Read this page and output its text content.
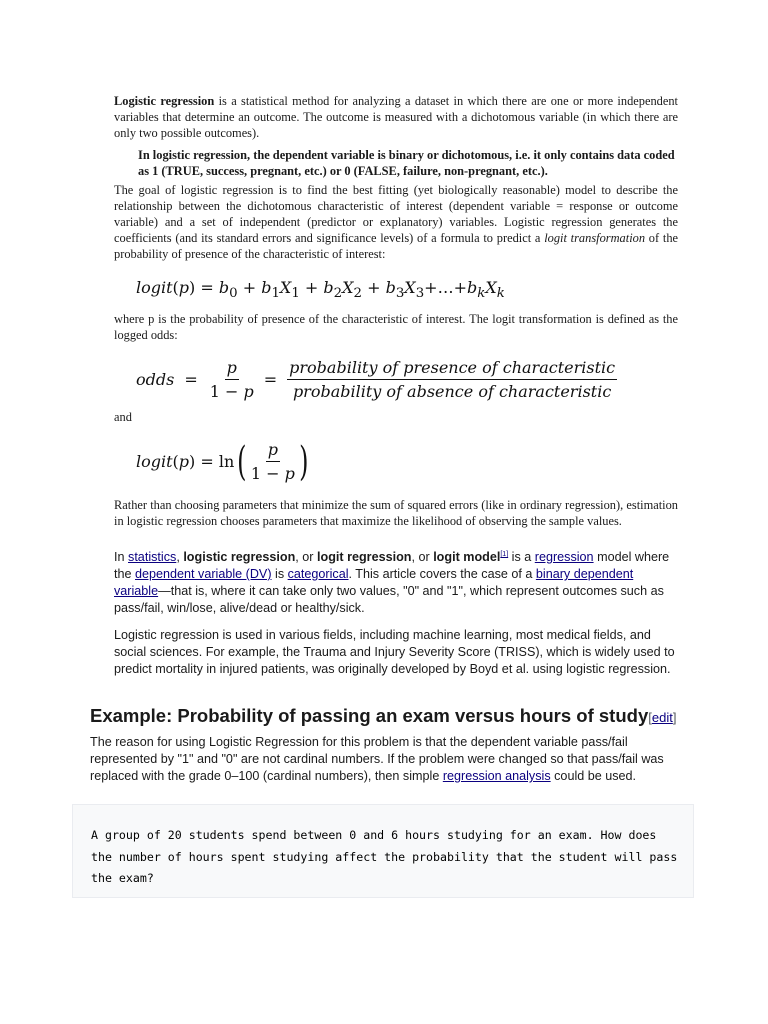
Logistic regression is a statistical method for analyzing a dataset in which there are one or more independent variables that determine an outcome. The outcome is measured with a dichotomous variable (in which there are only two possible outcomes).

In logistic regression, the dependent variable is binary or dichotomous, i.e. it only contains data coded as 1 (TRUE, success, pregnant, etc.) or 0 (FALSE, failure, non-pregnant, etc.).

The goal of logistic regression is to find the best fitting (yet biologically reasonable) model to describe the relationship between the dichotomous characteristic of interest (dependent variable = response or outcome variable) and a set of independent (predictor or explanatory) variables. Logistic regression generates the coefficients (and its standard errors and significance levels) of a formula to predict a logit transformation of the probability of presence of the characteristic of interest:

logit(p) = $b_0 + b_1X_1 + b_2X_2$ + $b_3X_3+\dots+b_kX_k$

where p is the probability of presence of the characteristic of interest. The logit transformation is defined as the logged odds:

odds = $\frac{p}{1 - p} = \frac{\text{probability of presence of characteristic}}{\text{probability of absence of characteristic}}$

and

logit ( p ) = ln ( $\frac{p}{1 - p}$ )

Rather than choosing parameters that minimize the sum of squared errors (like in ordinary regression), estimation in logistic regression chooses parameters that maximize the likelihood of observing the sample values.

In statistics, logistic regression, or logit regression, or logit model[1] is a regression model where the dependent variable (DV) is categorical. This article covers the case of a binary dependent variable—that is, where it can take only two values, "0" and "1", which represent outcomes such as pass/fail, win/lose, alive/dead or healthy/sick.

Logistic regression is used in various fields, including machine learning, most medical fields, and social sciences. For example, the Trauma and Injury Severity Score (TRISS), which is widely used to predict mortality in injured patients, was originally developed by Boyd et al. using logistic regression.

Example: Probability of passing an exam versus hours of study[edit]

The reason for using Logistic Regression for this problem is that the dependent variable pass/fail represented by "1" and "0" are not cardinal numbers. If the problem were changed so that pass/fail was replaced with the grade 0–100 (cardinal numbers), then simple regression analysis could be used.

A group of 20 students spend between 0 and 6 hours studying for an exam. How does the number of hours spent studying affect the probability that the student will pass the exam?
